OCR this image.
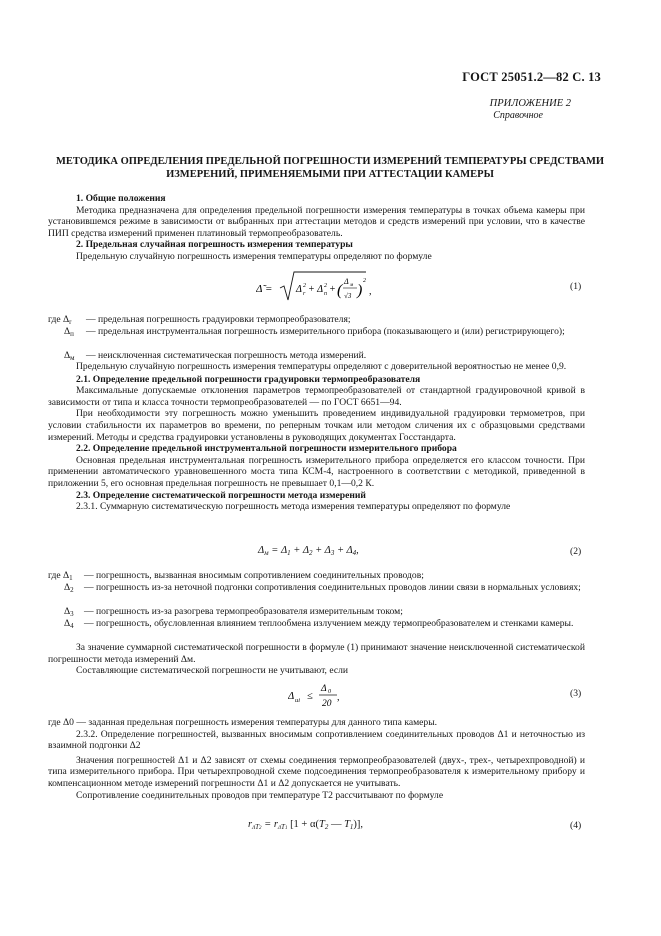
ГОСТ 25051.2—82 С. 13
ПРИЛОЖЕНИЕ 2
Справочное
МЕТОДИКА ОПРЕДЕЛЕНИЯ ПРЕДЕЛЬНОЙ ПОГРЕШНОСТИ ИЗМЕРЕНИЙ ТЕМПЕРАТУРЫ СРЕДСТВАМИ ИЗМЕРЕНИЙ, ПРИМЕНЯЕМЫМИ ПРИ АТТЕСТАЦИИ КАМЕРЫ

1. Общие положения

Методика предназначена для определения предельной погрешности измерения температуры в точках объема камеры при установившемся режиме в зависимости от выбранных при аттестации методов и средств измерений при условии, что в качестве ПИП средства измерений применен платиновый термопреобразователь.

2. Предельная случайная погрешность измерения температуры

Предельную случайную погрешность измерения температуры определяют по формуле

Δ̃ = Δ 2
r + Δ 2
п + (
Δ м
√3 )
2
,	(1)
где $\Delta_r$ — предельная погрешность градуировки термопреобразователя;
$\Delta_п$ — предельная инструментальная погрешность измерительного прибора (показывающего и (или) регистрирующего);
$\Delta_м$ — неисключенная систематическая погрешность метода измерений.

Предельную случайную погрешность измерения температуры определяют с доверительной вероятностью не менее 0,9.

2.1. Определение предельной погрешности градуировки термопреобразователя

Максимальные допускаемые отклонения параметров термопреобразователей от стандартной градуировочной кривой в зависимости от типа и класса точности термопреобразователей — по ГОСТ 6651—94.

При необходимости эту погрешность можно уменьшить проведением индивидуальной градуировки термометров, при условии стабильности их параметров во времени, по реперным точкам или методом сличения их с образцовыми средствами измерений. Методы и средства градуировки установлены в руководящих документах Госстандарта.

2.2. Определение предельной инструментальной погрешности измерительного прибора

Основная предельная инструментальная погрешность измерительного прибора определяется его классом точности. При применении автоматического уравновешенного моста типа КСМ-4, настроенного в соответствии с методикой, приведенной в приложении 5, его основная предельная погрешность не превышает 0,1—0,2 К.

2.3. Определение систематической погрешности метода измерений

2.3.1. Суммарную систематическую погрешность метода измерения температуры определяют по формуле

$\Delta_м = \Delta_1 + \Delta_2 + \Delta_3 + \Delta_4$,	(2)
где $\Delta_1$ — погрешность, вызванная вносимым сопротивлением соединительных проводов;
$\Delta_2$ — погрешность из-за неточной подгонки сопротивления соединительных проводов линии связи в нормальных условиях;
$\Delta_3$ — погрешность из-за разогрева термопреобразователя измерительным током;
$\Delta_4$ — погрешность, обусловленная влиянием теплообмена излучением между термопреобразователем и стенками камеры.

За значение суммарной систематической погрешности в формуле (1) принимают значение неисключенной систематической погрешности метода измерений Δм.

Составляющие систематической погрешности не учитывают, если

Δ иi ≤
Δ 0
20
,	(3)

где Δ0 — заданная предельная погрешность измерения температуры для данного типа камеры.

2.3.2. Определение погрешностей, вызванных вносимым сопротивлением соединительных проводов Δ1 и неточностью из взаимной подгонки Δ2

Значения погрешностей Δ1 и Δ2 зависят от схемы соединения термопреобразователей (двух-, трех-, четырехпроводной) и типа измерительного прибора. При четырехпроводной схеме подсоединения термопреобразователя к измерительному прибору и компенсационном методе измерений погрешности Δ1 и Δ2 допускается не учитывать.

Сопротивление соединительных проводов при температуре T2 рассчитывают по формуле

$r_{лT2} = r_{лT1}$ [$1 + \alpha(T_2$ — $T_1$)],	(4)
